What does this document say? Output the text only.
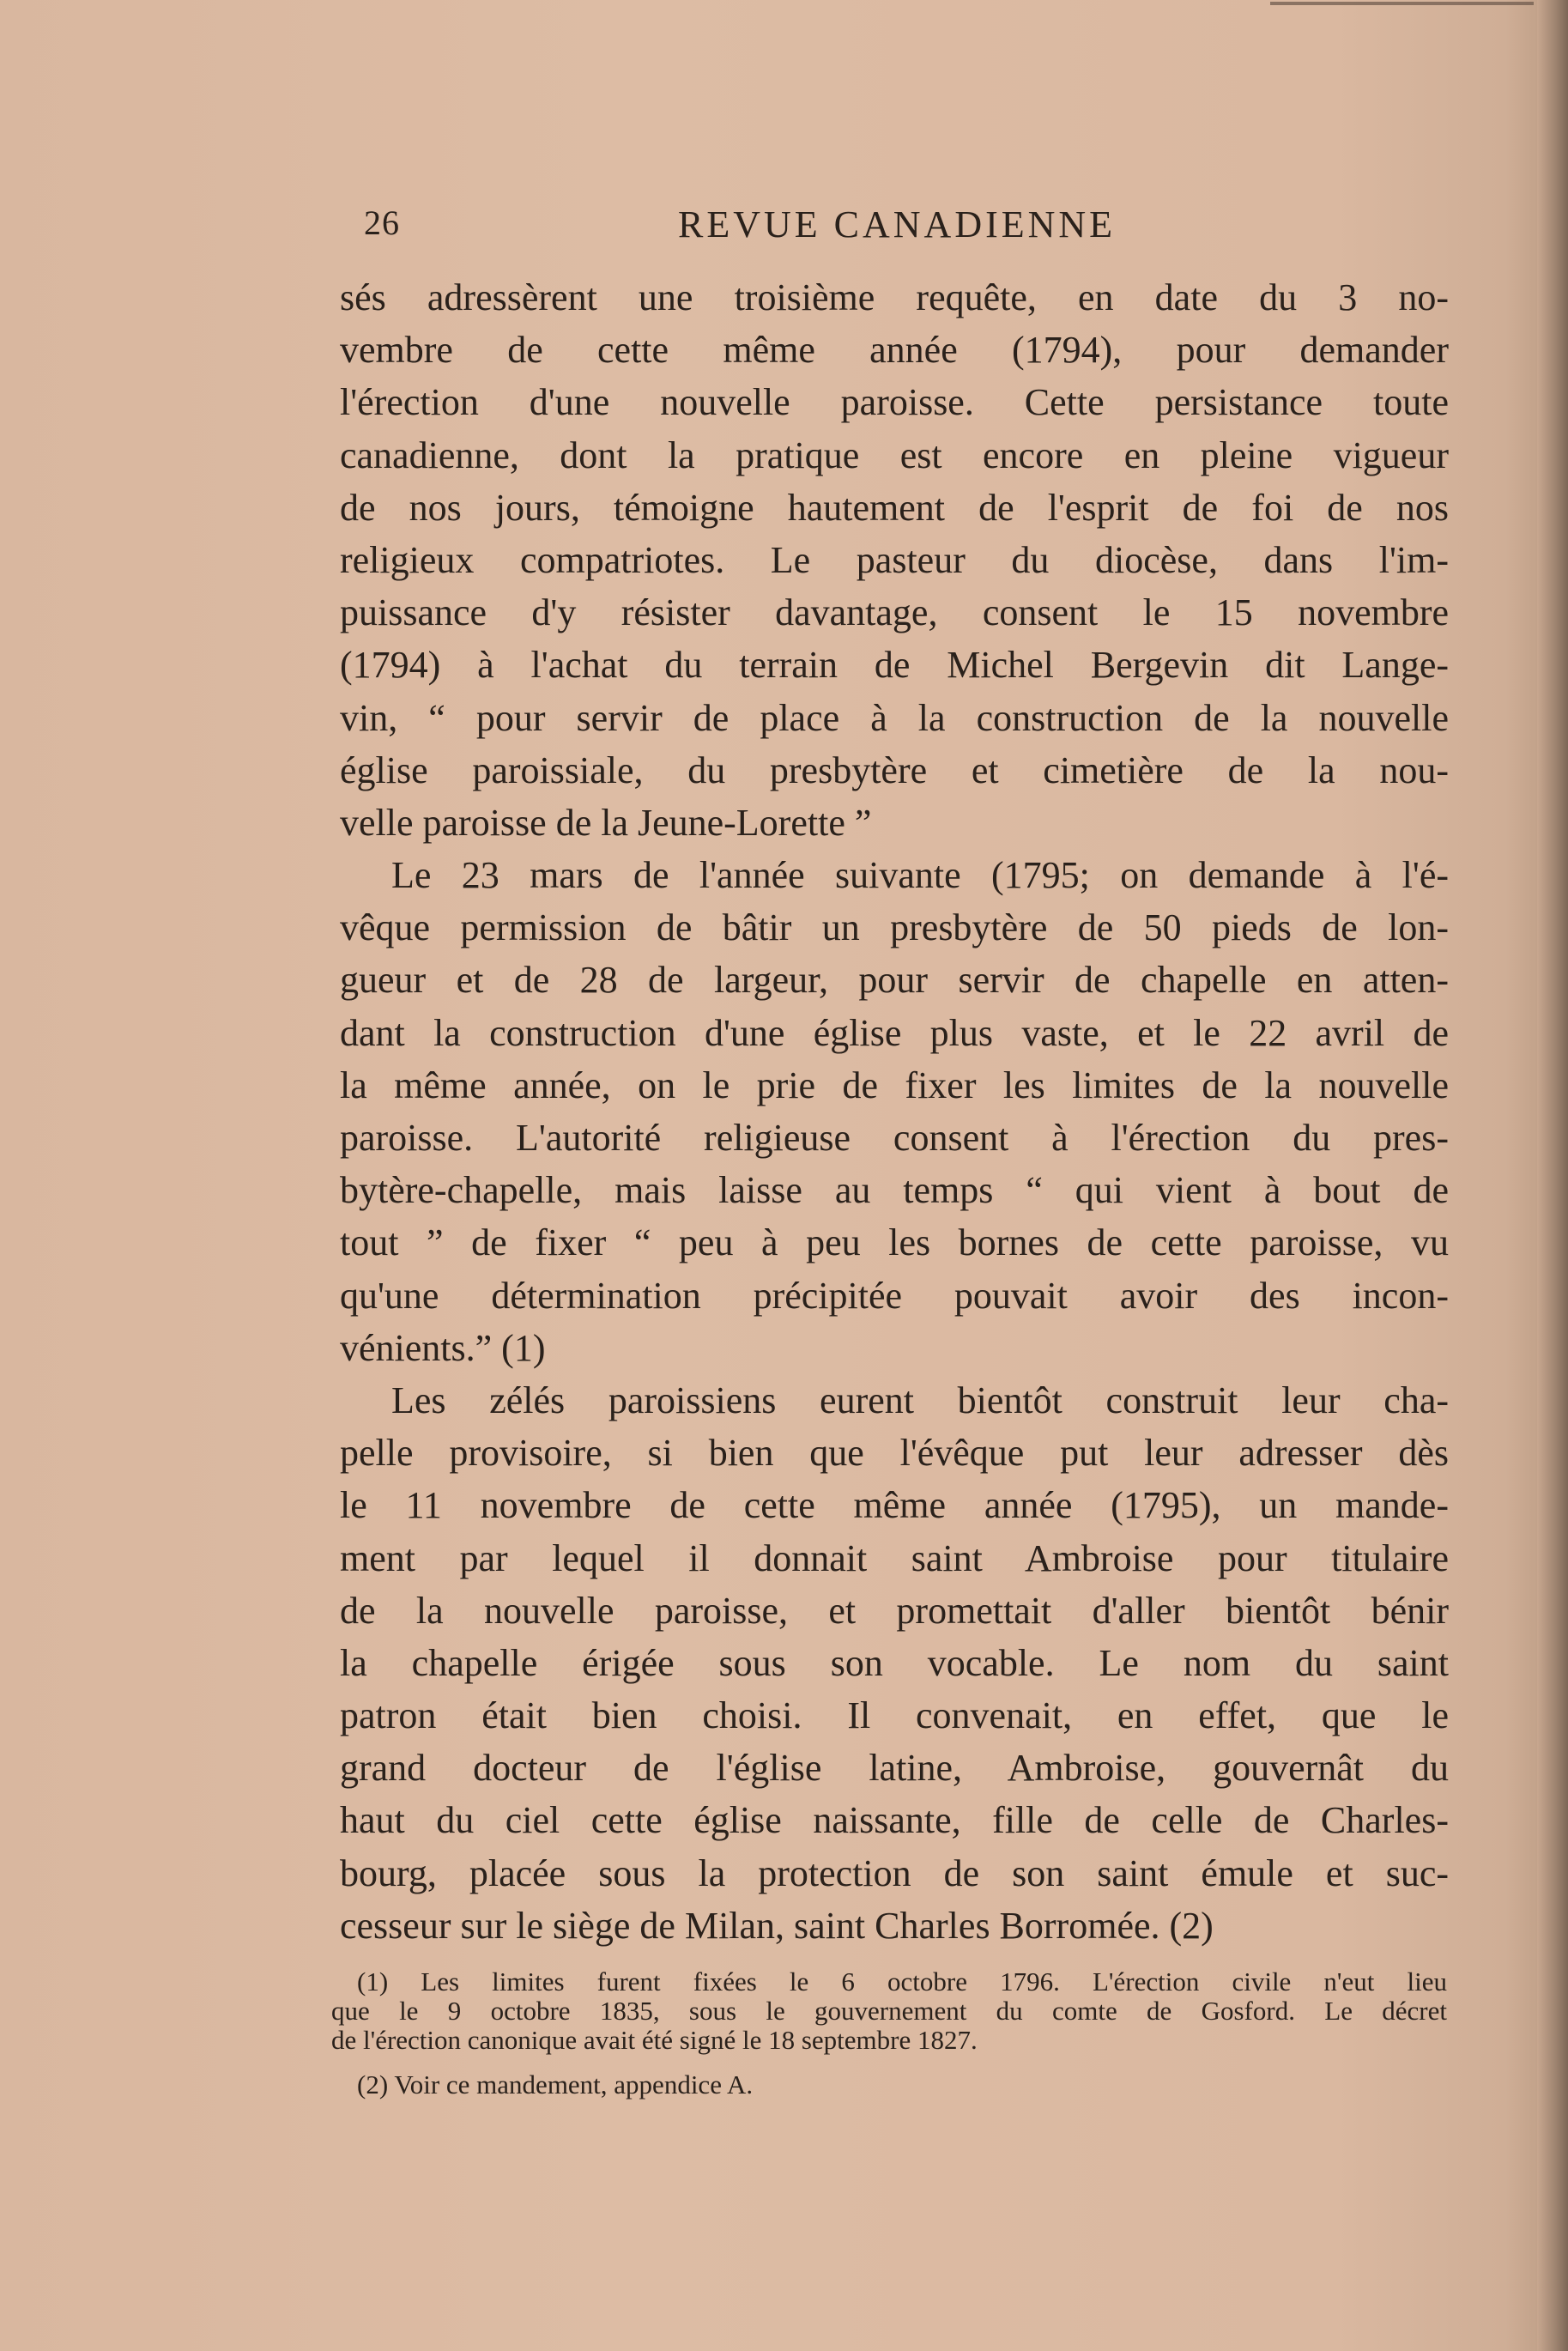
26	REVUE CANADIENNE
sés adressèrent une troisième requête, en date du 3 no-
vembre de cette même année (1794), pour demander
l'érection d'une nouvelle paroisse. Cette persistance toute
canadienne, dont la pratique est encore en pleine vigueur
de nos jours, témoigne hautement de l'esprit de foi de nos
religieux compatriotes. Le pasteur du diocèse, dans l'im-
puissance d'y résister davantage, consent le 15 novembre
(1794) à l'achat du terrain de Michel Bergevin dit Lange-
vin, “ pour servir de place à la construction de la nouvelle
église paroissiale, du presbytère et cimetière de la nou-
velle paroisse de la Jeune-Lorette ”
Le 23 mars de l'année suivante (1795; on demande à l'é-
vêque permission de bâtir un presbytère de 50 pieds de lon-
gueur et de 28 de largeur, pour servir de chapelle en atten-
dant la construction d'une église plus vaste, et le 22 avril de
la même année, on le prie de fixer les limites de la nouvelle
paroisse. L'autorité religieuse consent à l'érection du pres-
bytère-chapelle, mais laisse au temps “ qui vient à bout de
tout ” de fixer “ peu à peu les bornes de cette paroisse, vu
qu'une détermination précipitée pouvait avoir des incon-
vénients.” (1)
Les zélés paroissiens eurent bientôt construit leur cha-
pelle provisoire, si bien que l'évêque put leur adresser dès
le 11 novembre de cette même année (1795), un mande-
ment par lequel il donnait saint Ambroise pour titulaire
de la nouvelle paroisse, et promettait d'aller bientôt bénir
la chapelle érigée sous son vocable. Le nom du saint
patron était bien choisi. Il convenait, en effet, que le
grand docteur de l'église latine, Ambroise, gouvernât du
haut du ciel cette église naissante, fille de celle de Charles-
bourg, placée sous la protection de son saint émule et suc-
cesseur sur le siège de Milan, saint Charles Borromée. (2)
(1) Les limites furent fixées le 6 octobre 1796. L'érection civile n'eut lieu
que le 9 octobre 1835, sous le gouvernement du comte de Gosford. Le décret
de l'érection canonique avait été signé le 18 septembre 1827.
(2) Voir ce mandement, appendice A.
